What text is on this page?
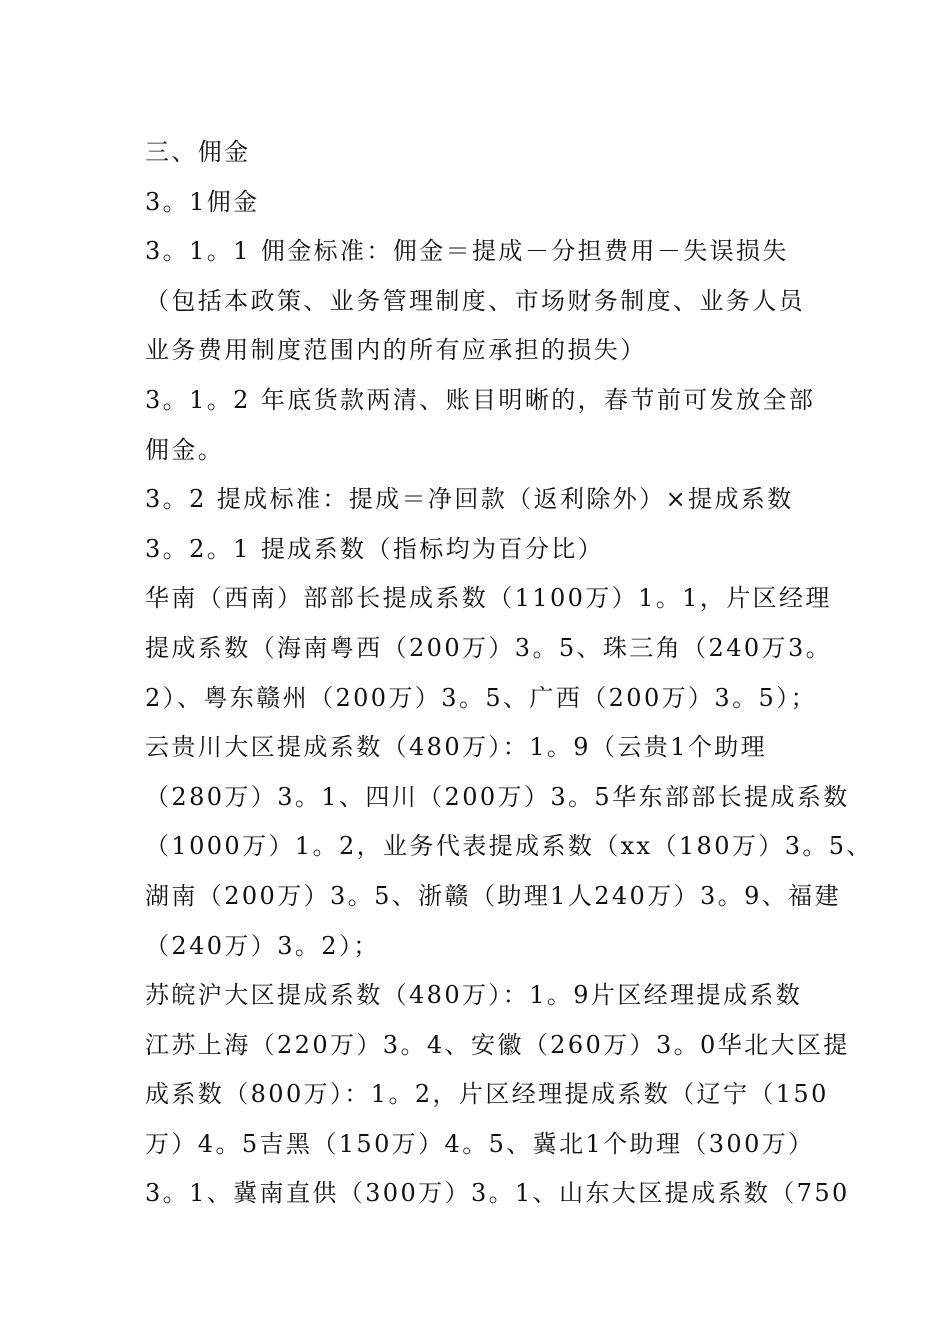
三、佣金
3。1佣金
3。1。1 佣金标准：佣金＝提成－分担费用－失误损失
（包括本政策、业务管理制度、市场财务制度、业务人员
业务费用制度范围内的所有应承担的损失）
3。1。2 年底货款两清、账目明晰的，春节前可发放全部
佣金。
3。2 提成标准：提成＝净回款（返利除外）×提成系数
3。2。1 提成系数（指标均为百分比）
华南（西南）部部长提成系数（1100万）1。1，片区经理
提成系数（海南粤西（200万）3。5、珠三角（240万3。
2）、粤东赣州（200万）3。5、广西（200万）3。5）；
云贵川大区提成系数（480万）：1。9（云贵1个助理
（280万）3。1、四川（200万）3。5华东部部长提成系数
（1000万）1。2，业务代表提成系数（xx（180万）3。5、
湖南（200万）3。5、浙赣（助理1人240万）3。9、福建
（240万）3。2）；
苏皖沪大区提成系数（480万）：1。9片区经理提成系数
江苏上海（220万）3。4、安徽（260万）3。0华北大区提
成系数（800万）：1。2，片区经理提成系数（辽宁（150
万）4。5吉黑（150万）4。5、冀北1个助理（300万）
3。1、冀南直供（300万）3。1、山东大区提成系数（750
